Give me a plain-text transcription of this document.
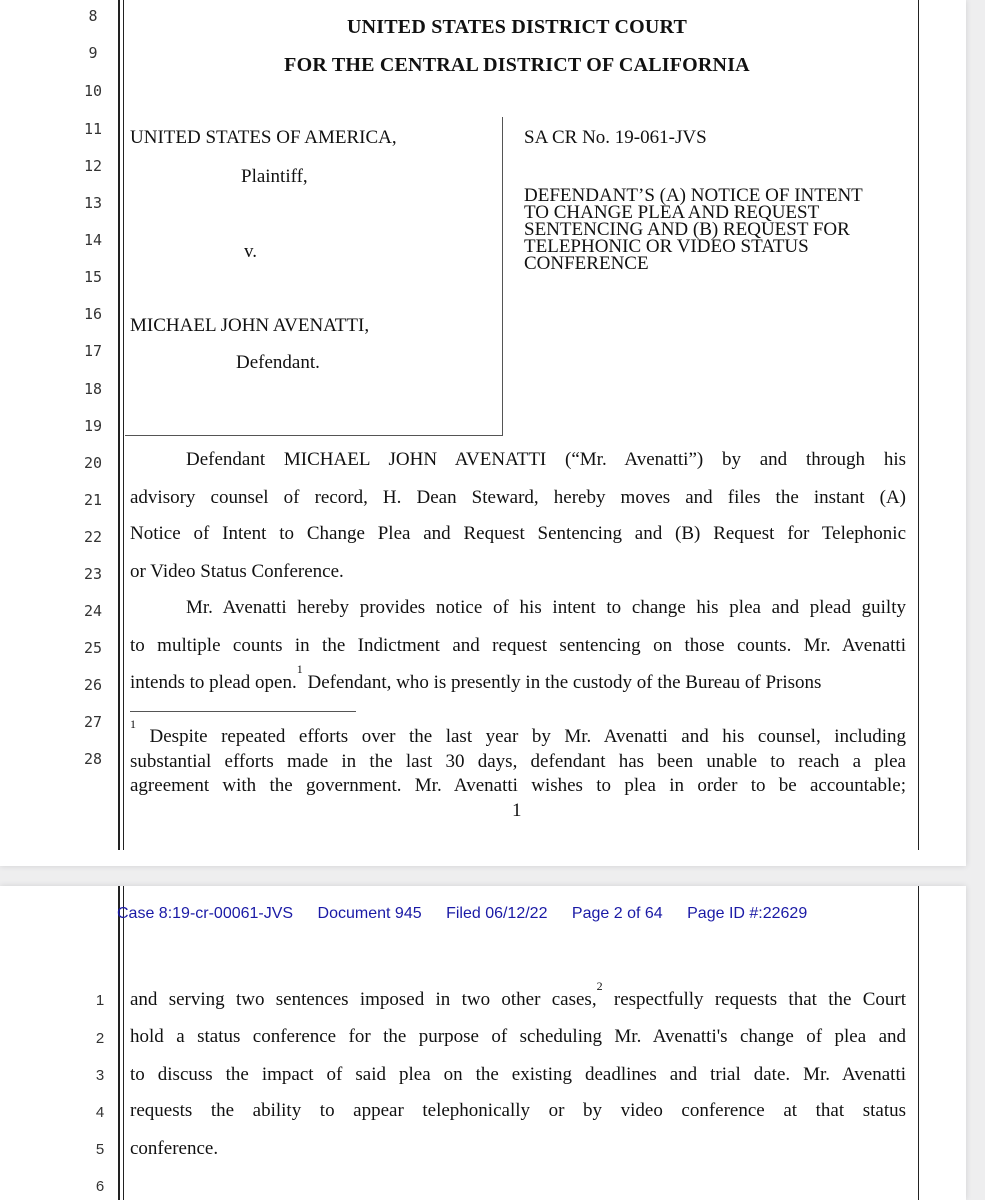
8
9
10
11
12
13
14
15
16
17
18
19
20
21
22
23
24
25
26
27
28
UNITED STATES DISTRICT COURT
FOR THE CENTRAL DISTRICT OF CALIFORNIA
UNITED STATES OF AMERICA,
Plaintiff,
v.
MICHAEL JOHN AVENATTI,
Defendant.
SA CR No. 19-061-JVS
DEFENDANT’S (A) NOTICE OF INTENT
TO CHANGE PLEA AND REQUEST
SENTENCING AND (B) REQUEST FOR
TELEPHONIC OR VIDEO STATUS
CONFERENCE
Defendant MICHAEL JOHN AVENATTI (“Mr. Avenatti”) by and through his
advisory counsel of record, H. Dean Steward, hereby moves and files the instant (A)
Notice of Intent to Change Plea and Request Sentencing and (B) Request for Telephonic
or Video Status Conference.
Mr. Avenatti hereby provides notice of his intent to change his plea and plead guilty
to multiple counts in the Indictment and request sentencing on those counts. Mr. Avenatti
intends to plead open.$^1$ Defendant, who is presently in the custody of the Bureau of Prisons
$^1$ Despite repeated efforts over the last year by Mr. Avenatti and his counsel, including
substantial efforts made in the last 30 days, defendant has been unable to reach a plea
agreement with the government. Mr. Avenatti wishes to plea in order to be accountable;
1
Case 8:19-cr-00061-JVS Document 945 Filed 06/12/22 Page 2 of 64 Page ID #:22629
1
2
3
4
5
6
and serving two sentences imposed in two other cases,$^2$ respectfully requests that the Court
hold a status conference for the purpose of scheduling Mr. Avenatti's change of plea and
to discuss the impact of said plea on the existing deadlines and trial date. Mr. Avenatti
requests the ability to appear telephonically or by video conference at that status
conference.
